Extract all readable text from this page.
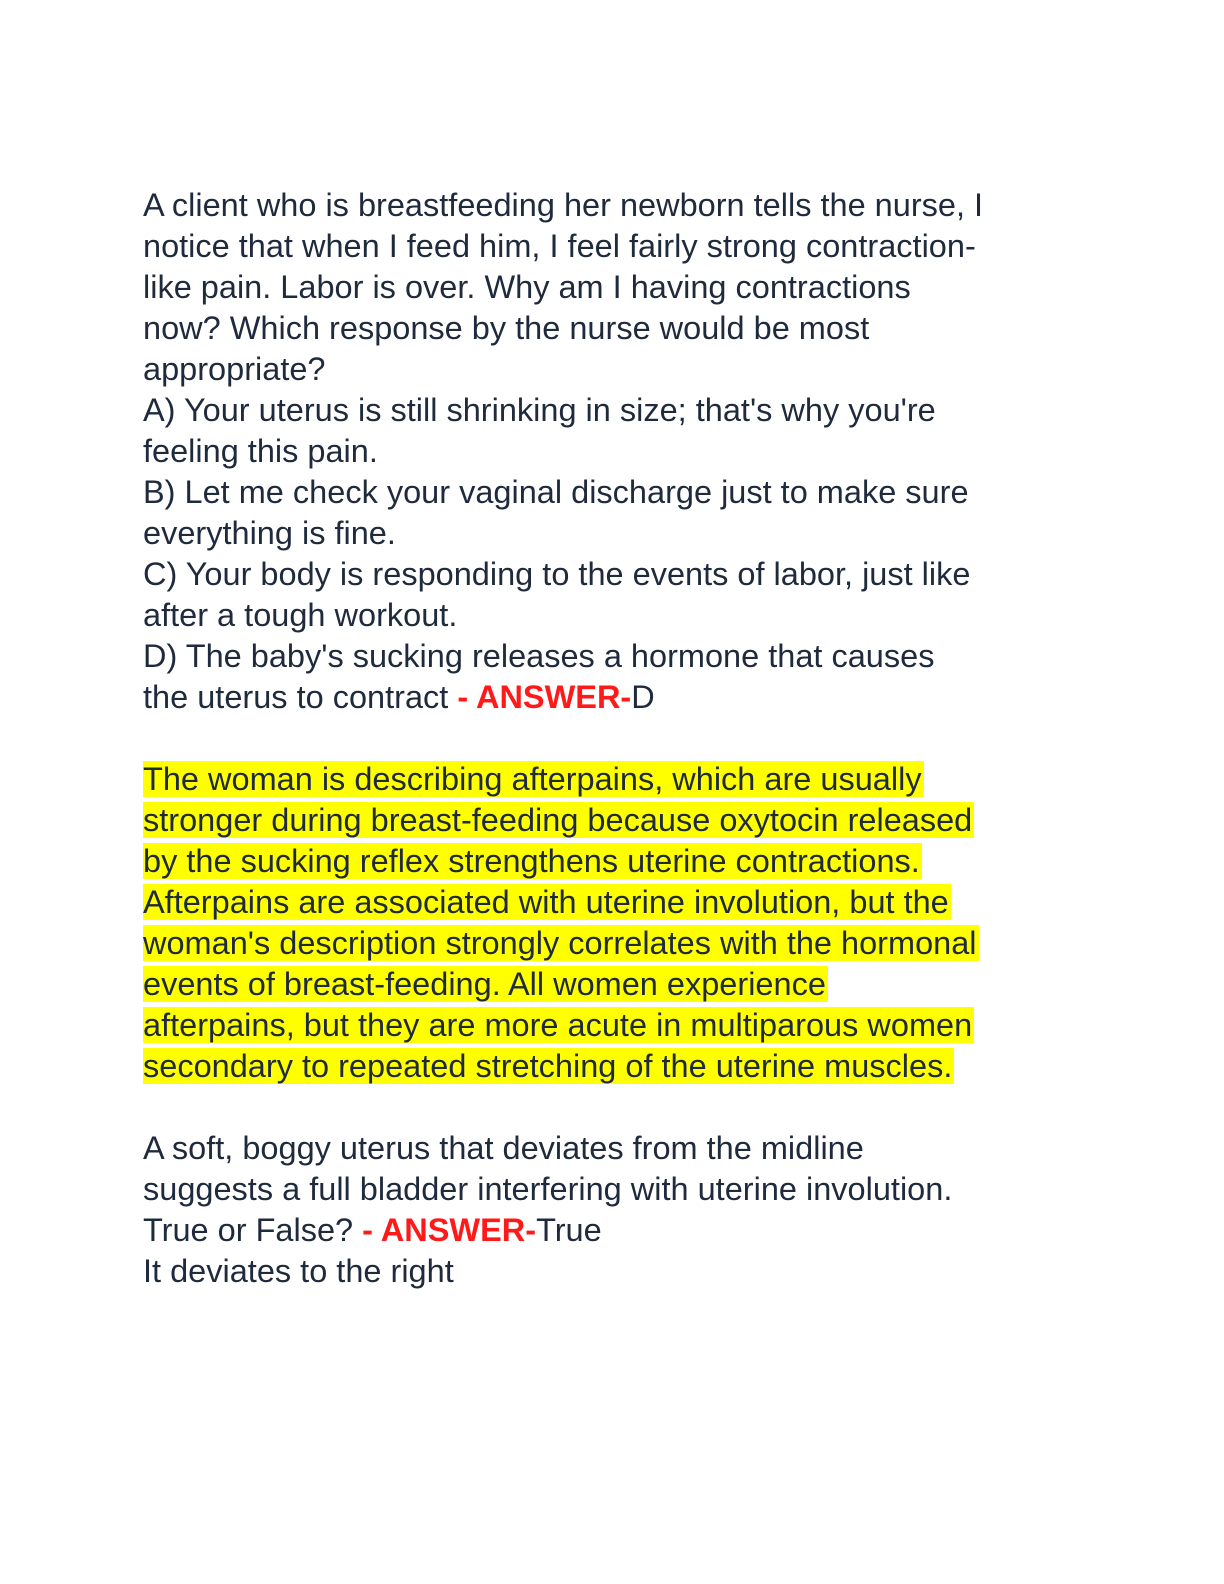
A client who is breastfeeding her newborn tells the nurse, I
notice that when I feed him, I feel fairly strong contraction-
like pain. Labor is over. Why am I having contractions
now? Which response by the nurse would be most
appropriate?
A) Your uterus is still shrinking in size; that's why you're
feeling this pain.
B) Let me check your vaginal discharge just to make sure
everything is fine.
C) Your body is responding to the events of labor, just like
after a tough workout.
D) The baby's sucking releases a hormone that causes
the uterus to contract - ANSWER-D
The woman is describing afterpains, which are usually
stronger during breast-feeding because oxytocin released
by the sucking reflex strengthens uterine contractions.
Afterpains are associated with uterine involution, but the
woman's description strongly correlates with the hormonal
events of breast-feeding. All women experience
afterpains, but they are more acute in multiparous women
secondary to repeated stretching of the uterine muscles.
A soft, boggy uterus that deviates from the midline
suggests a full bladder interfering with uterine involution.
True or False? - ANSWER-True
It deviates to the right
